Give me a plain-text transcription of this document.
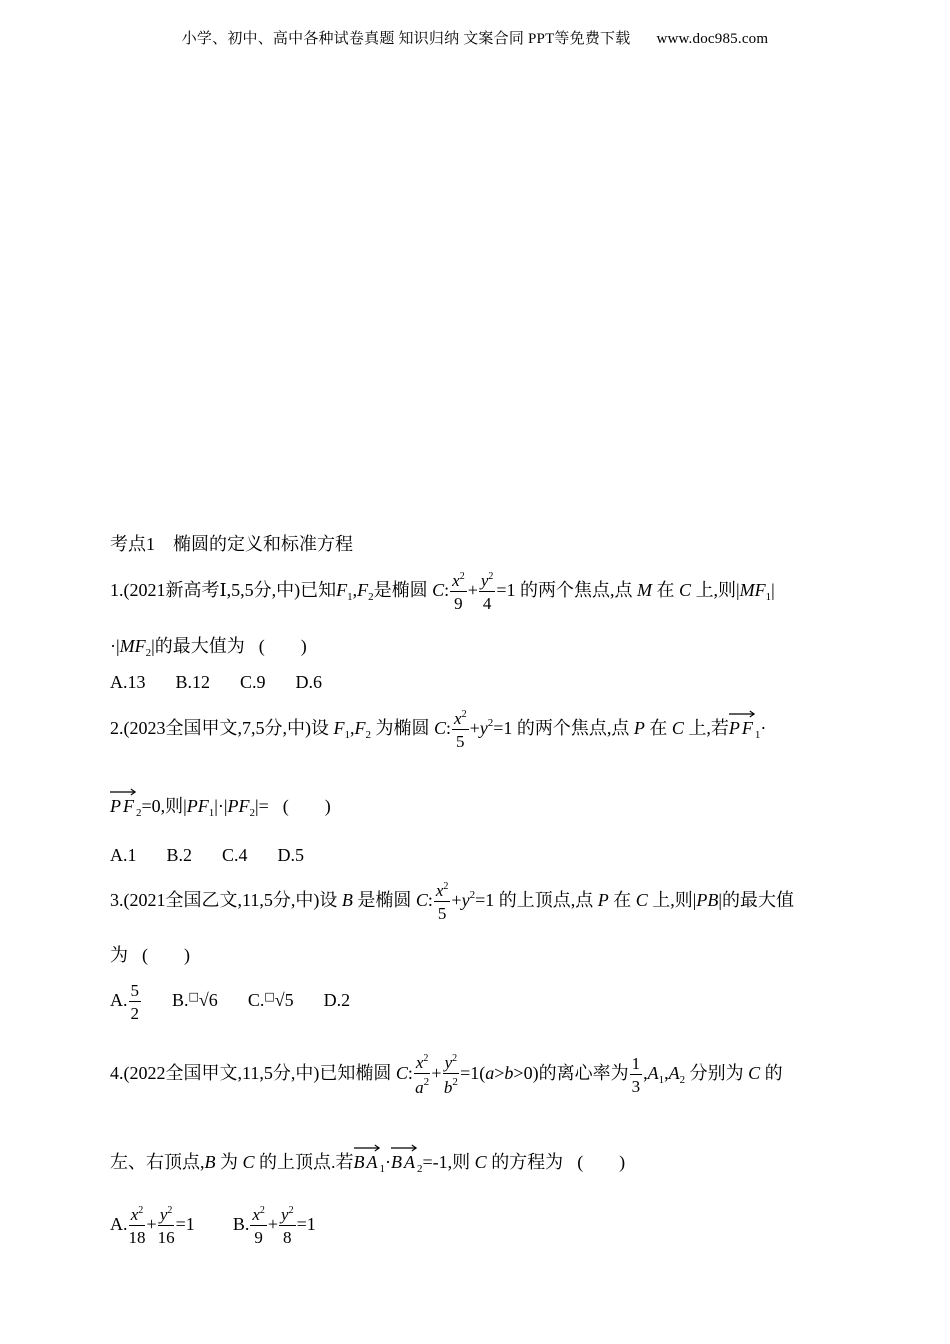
小学、初中、高中各种试卷真题 知识归纳 文案合同 PPT等免费下载 www.doc985.com
考点1　椭圆的定义和标准方程
1.(2021新高考Ⅰ,5,5分,中)已知$F_1,F_2$是椭圆 C: $\frac{x^2}{9} + \frac{y^2}{4} =1$ 的两个焦点,点 M 在 C 上,则$|MF_1|$
$\cdot|MF_2|$的最大值为 (　　)
A.13 B.12 C.9 D.6
2.(2023全国甲文,7,5分,中)设 $F_1,F_2$ 为椭圆 C: $\frac{x^2}{5} +y^2=1$ 的两个焦点,点 P 在 C 上,若PF
$_1$·
PF
$_2$=0,则$|PF_1|\cdot|PF_2|=$ (　　)
A.1 B.2 C.4 D.5
3.(2021全国乙文,11,5分,中)设 B 是椭圆 C: $\frac{x^2}{5} +y^2=1$ 的上顶点,点 P 在 C 上,则|PB|的最大值
为 (　　)
A. $\frac{5}{2} B.^□√6$ C.□√5 D.2
4.(2022全国甲文,11,5分,中)已知椭圆 C: $\frac{x^2}{a^2} + \frac{y^2}{b^2} =1(a>b>0)$的离心率为 $\frac{1}{3} ,A_1,A_2$ 分别为 C 的
左、右顶点,B 为 C 的上顶点.若BA
$_1$·BA
$_2$=-1,则 C 的方程为 (　　)
A. $\frac{x^2}{18} + \frac{y^2}{16} =1$ B. $\frac{x^2}{9} + \frac{y^2}{8} =1$
